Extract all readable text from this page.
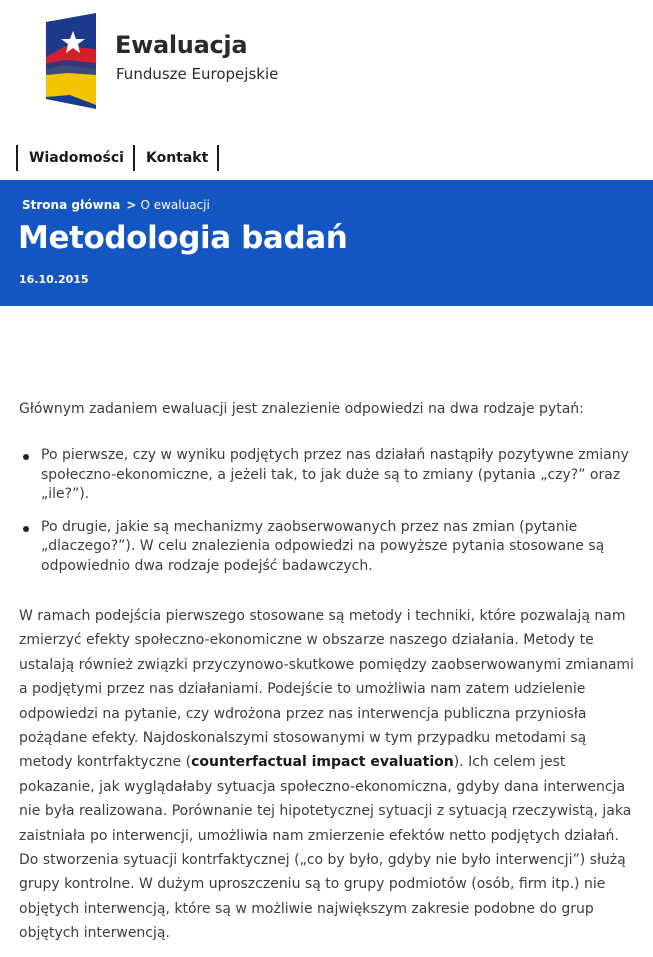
Ewaluacja
Fundusze Europejskie
Wiadomości	Kontakt
Strona główna > O ewaluacji
Metodologia badań
16.10.2015

Głównym zadaniem ewaluacji jest znalezienie odpowiedzi na dwa rodzaje pytań:

Po pierwsze, czy w wyniku podjętych przez nas działań nastąpiły pozytywne zmiany społeczno-ekonomiczne, a jeżeli tak, to jak duże są to zmiany (pytania „czy?” oraz „ile?”).
Po drugie, jakie są mechanizmy zaobserwowanych przez nas zmian (pytanie „dlaczego?”). W celu znalezienia odpowiedzi na powyższe pytania stosowane są odpowiednio dwa rodzaje podejść badawczych.

W ramach podejścia pierwszego stosowane są metody i techniki, które pozwalają nam zmierzyć efekty społeczno-ekonomiczne w obszarze naszego działania. Metody te ustalają również związki przyczynowo-skutkowe pomiędzy zaobserwowanymi zmianami a podjętymi przez nas działaniami. Podejście to umożliwia nam zatem udzielenie odpowiedzi na pytanie, czy wdrożona przez nas interwencja publiczna przyniosła pożądane efekty. Najdoskonalszymi stosowanymi w tym przypadku metodami są metody kontrfaktyczne (counterfactual impact evaluation). Ich celem jest pokazanie, jak wyglądałaby sytuacja społeczno-ekonomiczna, gdyby dana interwencja nie była realizowana. Porównanie tej hipotetycznej sytuacji z sytuacją rzeczywistą, jaka zaistniała po interwencji, umożliwia nam zmierzenie efektów netto podjętych działań. Do stworzenia sytuacji kontrfaktycznej („co by było, gdyby nie było interwencji”) służą grupy kontrolne. W dużym uproszczeniu są to grupy podmiotów (osób, firm itp.) nie objętych interwencją, które są w możliwie największym zakresie podobne do grup objętych interwencją.
